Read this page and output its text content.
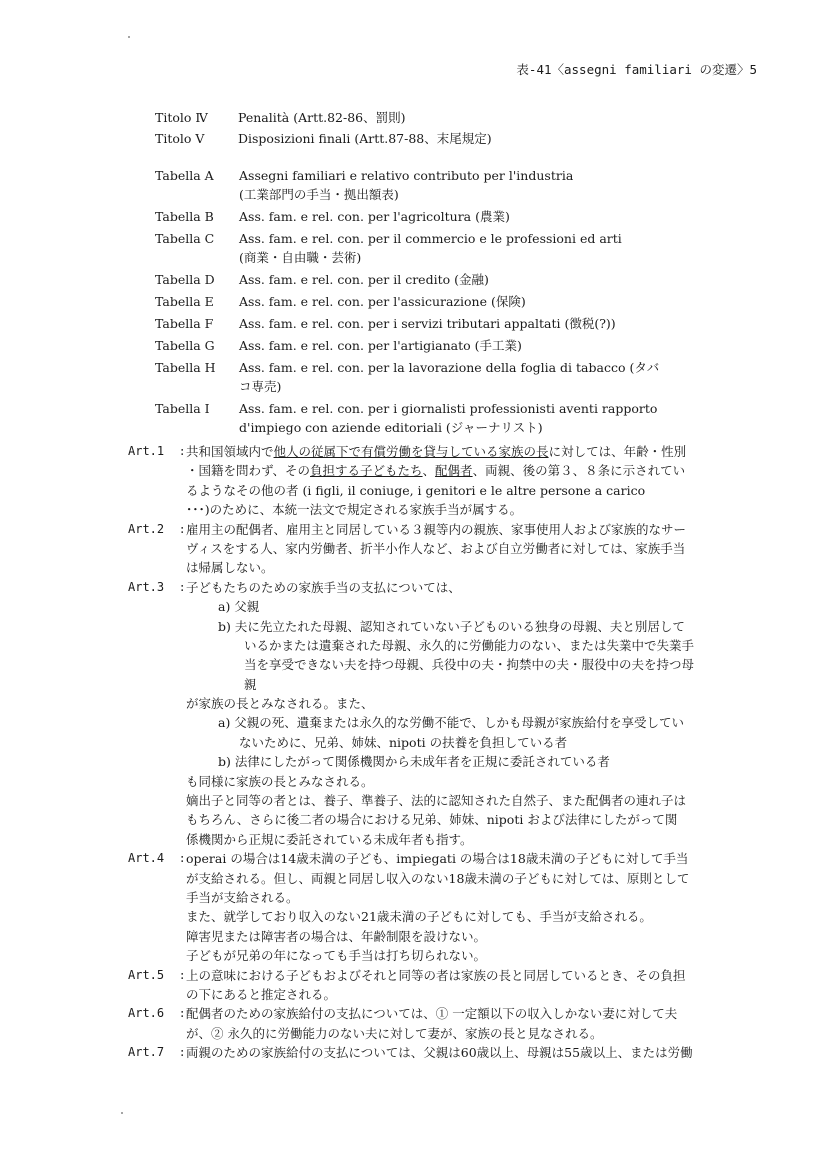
表-41〈assegni familiari の変遷〉5
Titolo Ⅳ	Penalità (Artt.82-86、罰則)
Titolo Ⅴ	Disposizioni finali (Artt.87-88、末尾規定)
Tabella A	Assegni familiari e relativo contributo per l'industria
(工業部門の手当・拠出額表)
Tabella B	Ass. fam. e rel. con. per l'agricoltura (農業)
Tabella C	Ass. fam. e rel. con. per il commercio e le professioni ed arti
(商業・自由職・芸術)
Tabella D	Ass. fam. e rel. con. per il credito (金融)
Tabella E	Ass. fam. e rel. con. per l'assicurazione (保険)
Tabella F	Ass. fam. e rel. con. per i servizi tributari appaltati (徴税(?))
Tabella G	Ass. fam. e rel. con. per l'artigianato (手工業)
Tabella H	Ass. fam. e rel. con. per la lavorazione della foglia di tabacco (タバ
コ専売)
Tabella I	Ass. fam. e rel. con. per i giornalisti professionisti aventi rapporto
d'impiego con aziende editoriali (ジャーナリスト)
Art.1	: 共和国領域内で他人の従属下で有償労働を貸与している家族の長に対しては、年齢・性別
・国籍を問わず、その負担する子どもたち、配偶者、両親、後の第３、８条に示されてい
るようなその他の者 (i figli, il coniuge, i genitori e le altre persone a carico
･･･)のために、本統一法文で規定される家族手当が属する。
Art.2	: 雇用主の配偶者、雇用主と同居している３親等内の親族、家事使用人および家族的なサー
ヴィスをする人、家内労働者、折半小作人など、および自立労働者に対しては、家族手当
は帰属しない。
Art.3	: 子どもたちのための家族手当の支払については、
a) 父親
b) 夫に先立たれた母親、認知されていない子どものいる独身の母親、夫と別居して
いるかまたは遺棄された母親、永久的に労働能力のない、または失業中で失業手
当を享受できない夫を持つ母親、兵役中の夫・拘禁中の夫・服役中の夫を持つ母
親
が家族の長とみなされる。また、
a) 父親の死、遺棄または永久的な労働不能で、しかも母親が家族給付を享受してい
ないために、兄弟、姉妹、nipoti の扶養を負担している者
b) 法律にしたがって関係機関から未成年者を正規に委託されている者
も同様に家族の長とみなされる。
嫡出子と同等の者とは、養子、準養子、法的に認知された自然子、また配偶者の連れ子は
もちろん、さらに後二者の場合における兄弟、姉妹、nipoti および法律にしたがって関
係機関から正規に委託されている未成年者も指す。
Art.4	: operai の場合は14歳未満の子ども、impiegati の場合は18歳未満の子どもに対して手当
が支給される。但し、両親と同居し収入のない18歳未満の子どもに対しては、原則として
手当が支給される。
また、就学しており収入のない21歳未満の子どもに対しても、手当が支給される。
障害児または障害者の場合は、年齢制限を設けない。
子どもが兄弟の年になっても手当は打ち切られない。
Art.5	: 上の意味における子どもおよびそれと同等の者は家族の長と同居しているとき、その負担
の下にあると推定される。
Art.6	: 配偶者のための家族給付の支払については、① 一定額以下の収入しかない妻に対して夫
が、② 永久的に労働能力のない夫に対して妻が、家族の長と見なされる。
Art.7	: 両親のための家族給付の支払については、父親は60歳以上、母親は55歳以上、または労働
